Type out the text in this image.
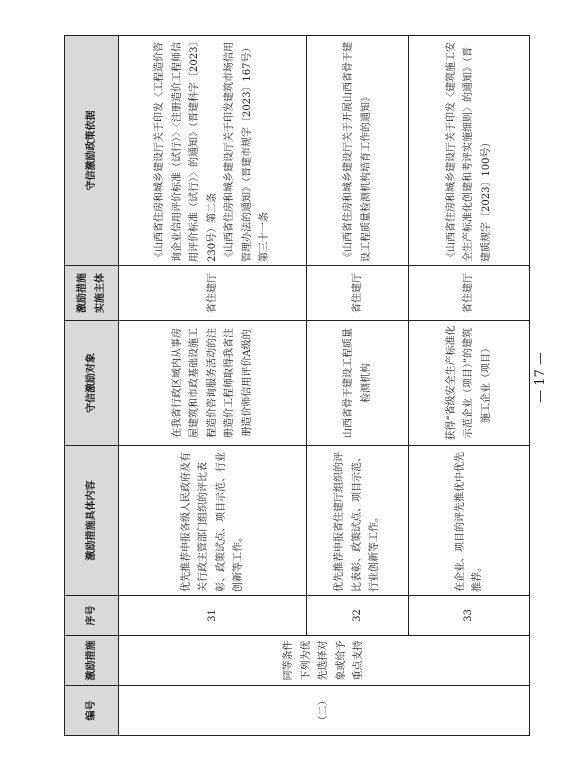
编号	激励措施	序号	激励措施具体内容	守信激励对象	激励措施实施主体	守信激励政策依据
（二）	同等条件下列为优先选择对象或给予重点支持	31	优先推荐申报各级人民政府及有关行政主管部门组织的评比表彰、政策试点、项目示范、行业创新等工作。	在我省行政区域内从事房屋建筑和市政基础设施工程造价咨询服务活动的注册造价工程师取得我省注册造价师信用评价A级的	省住建厅	《山西省住房和城乡建设厅关于印发〈工程造价咨询企业信用评价标准（试行）〉〈注册造价工程师信用评价标准（试行）〉的通知》（晋建科字〔2023〕230号）第二条
《山西省住房和城乡建设厅关于印发建筑市场信用管理办法的通知》（晋建市规字〔2023〕167号）第三十一条
		32	优先推荐申报省住建厅组织的评比表彰、政策试点、项目示范、行业创新等工作。	山西省骨干建设工程质量检测机构	省住建厅	《山西省住房和城乡建设厅关于开展山西省骨干建设工程质量检测机构培育工作的通知》
		33	在企业、项目的评先推优中优先推荐。	获得“省级安全生产标准化示范企业（项目）”的建筑施工企业（项目）	省住建厅	《山西省住房和城乡建设厅关于印发〈建筑施工安全生产标准化创建和考评实施细则〉的通知》（晋建质规字〔2023〕100号）
— 17 —
